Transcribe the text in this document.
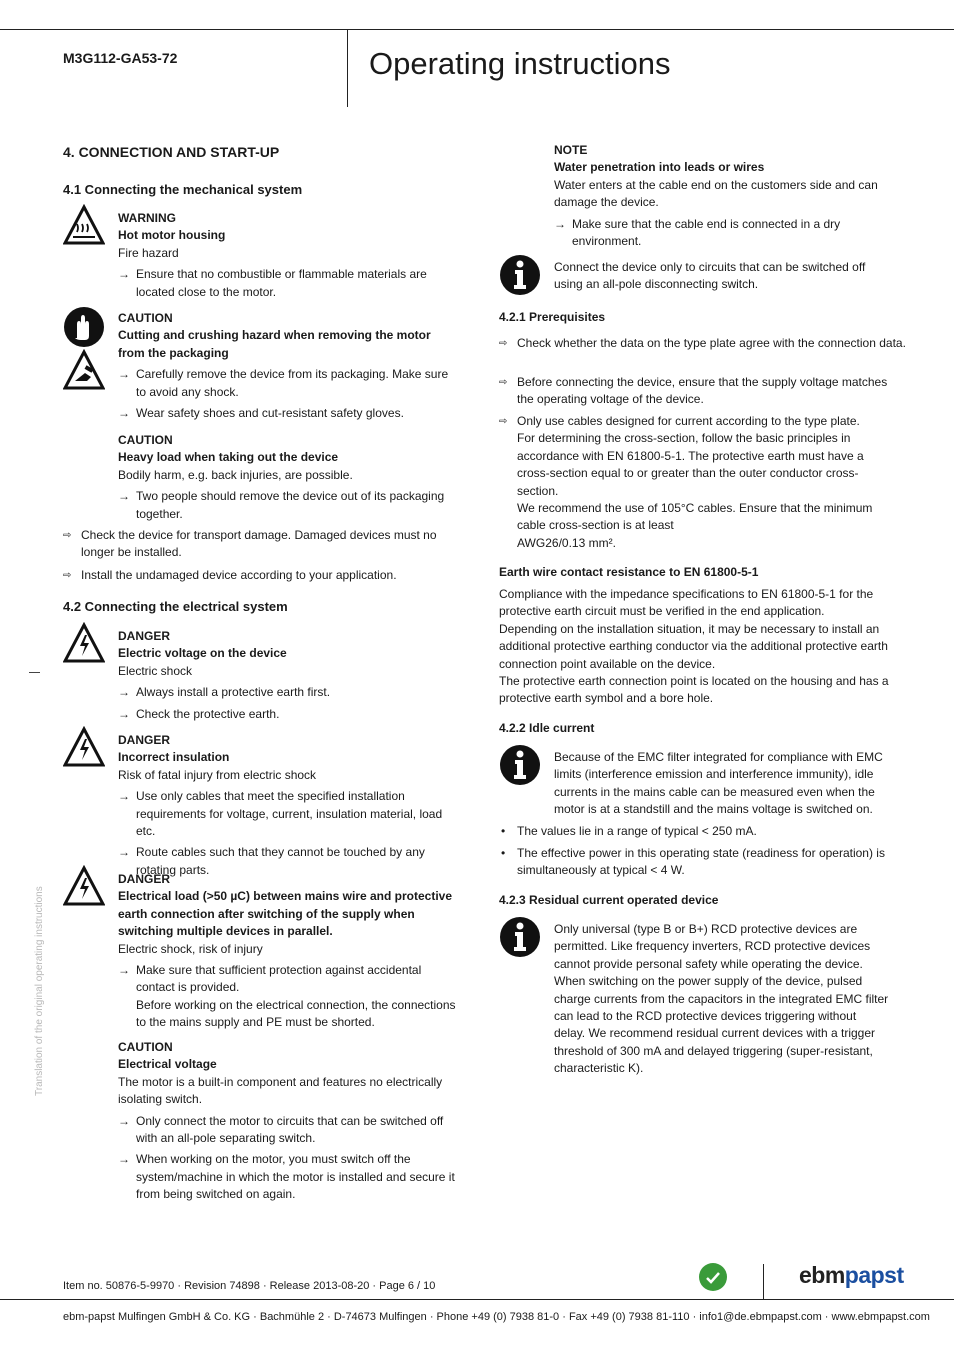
M3G112-GA53-72	Operating instructions
Translation of the original operating instructions
4. CONNECTION AND START-UP
4.1 Connecting the mechanical system
WARNING
Hot motor housing
Fire hazard
→ Ensure that no combustible or flammable materials are located close to the motor.
CAUTION
Cutting and crushing hazard when removing the motor from the packaging
→ Carefully remove the device from its packaging. Make sure to avoid any shock.
→ Wear safety shoes and cut-resistant safety gloves.
CAUTION
Heavy load when taking out the device
Bodily harm, e.g. back injuries, are possible.
→ Two people should remove the device out of its packaging together.
⇨ Check the device for transport damage. Damaged devices must no longer be installed.
⇨ Install the undamaged device according to your application.
4.2 Connecting the electrical system
DANGER
Electric voltage on the device
Electric shock
→ Always install a protective earth first.
→ Check the protective earth.
DANGER
Incorrect insulation
Risk of fatal injury from electric shock
→ Use only cables that meet the specified installation requirements for voltage, current, insulation material, load etc.
→ Route cables such that they cannot be touched by any rotating parts.
DANGER
Electrical load (>50 µC) between mains wire and protective earth connection after switching of the supply when switching multiple devices in parallel.
Electric shock, risk of injury
→ Make sure that sufficient protection against accidental contact is provided.

Before working on the electrical connection, the connections to the mains supply and PE must be shorted.

CAUTION
Electrical voltage
The motor is a built-in component and features no electrically isolating switch.
→ Only connect the motor to circuits that can be switched off with an all-pole separating switch.
→ When working on the motor, you must switch off the system/machine in which the motor is installed and secure it from being switched on again.
NOTE
Water penetration into leads or wires
Water enters at the cable end on the customers side and can damage the device.
→ Make sure that the cable end is connected in a dry environment.
Connect the device only to circuits that can be switched off using an all-pole disconnecting switch.
4.2.1 Prerequisites
⇨ Check whether the data on the type plate agree with the connection data.
⇨ Before connecting the device, ensure that the supply voltage matches the operating voltage of the device.
⇨ Only use cables designed for current according to the type plate.

For determining the cross-section, follow the basic principles in accordance with EN 61800-5-1. The protective earth must have a cross-section equal to or greater than the outer conductor cross-section.

We recommend the use of 105°C cables. Ensure that the minimum cable cross-section is at least

AWG26/0.13 mm².

Earth wire contact resistance to EN 61800-5-1

Compliance with the impedance specifications to EN 61800-5-1 for the protective earth circuit must be verified in the end application.

Depending on the installation situation, it may be necessary to install an additional protective earthing conductor via the additional protective earth connection point available on the device.

The protective earth connection point is located on the housing and has a protective earth symbol and a bore hole.

4.2.2 Idle current
Because of the EMC filter integrated for compliance with EMC limits (interference emission and interference immunity), idle currents in the mains cable can be measured even when the motor is at a standstill and the mains voltage is switched on.
• The values lie in a range of typical < 250 mA.
• The effective power in this operating state (readiness for operation) is simultaneously at typical < 4 W.
4.2.3 Residual current operated device
Only universal (type B or B+) RCD protective devices are permitted. Like frequency inverters, RCD protective devices cannot provide personal safety while operating the device. When switching on the power supply of the device, pulsed charge currents from the capacitors in the integrated EMC filter can lead to the RCD protective devices triggering without delay. We recommend residual current devices with a trigger threshold of 300 mA and delayed triggering (super-resistant, characteristic K).
Item no. 50876-5-9970 · Revision 74898 · Release 2013-08-20 · Page 6 / 10	ebmpapst
ebm-papst Mulfingen GmbH & Co. KG · Bachmühle 2 · D-74673 Mulfingen · Phone +49 (0) 7938 81-0 · Fax +49 (0) 7938 81-110 · info1@de.ebmpapst.com · www.ebmpapst.com
